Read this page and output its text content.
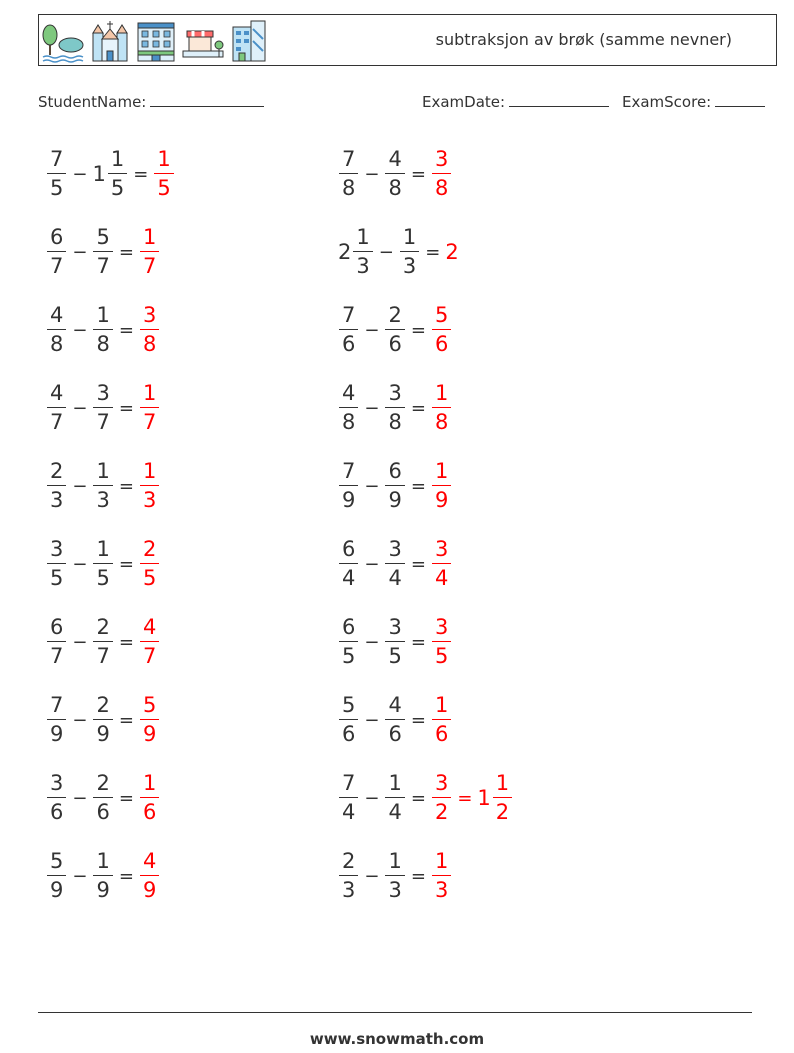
subtraksjon av brøk (samme nevner)
StudentName:	ExamDate:	ExamScore:
$\frac{7}{5} - 1 \frac{1}{5} = \frac{1}{5}$	$\frac{7}{8} - \frac{4}{8} = \frac{3}{8}$
$\frac{6}{7} - \frac{5}{7} = \frac{1}{7}$	$2 \frac{1}{3} - \frac{1}{3} = 2$
$\frac{4}{8} - \frac{1}{8} = \frac{3}{8}$	$\frac{7}{6} - \frac{2}{6} = \frac{5}{6}$
$\frac{4}{7} - \frac{3}{7} = \frac{1}{7}$	$\frac{4}{8} - \frac{3}{8} = \frac{1}{8}$
$\frac{2}{3} - \frac{1}{3} = \frac{1}{3}$	$\frac{7}{9} - \frac{6}{9} = \frac{1}{9}$
$\frac{3}{5} - \frac{1}{5} = \frac{2}{5}$	$\frac{6}{4} - \frac{3}{4} = \frac{3}{4}$
$\frac{6}{7} - \frac{2}{7} = \frac{4}{7}$	$\frac{6}{5} - \frac{3}{5} = \frac{3}{5}$
$\frac{7}{9} - \frac{2}{9} = \frac{5}{9}$	$\frac{5}{6} - \frac{4}{6} = \frac{1}{6}$
$\frac{3}{6} - \frac{2}{6} = \frac{1}{6}$	$\frac{7}{4} - \frac{1}{4} = \frac{3}{2} = 1 \frac{1}{2}$
$\frac{5}{9} - \frac{1}{9} = \frac{4}{9}$	$\frac{2}{3} - \frac{1}{3} = \frac{1}{3}$
www.snowmath.com
